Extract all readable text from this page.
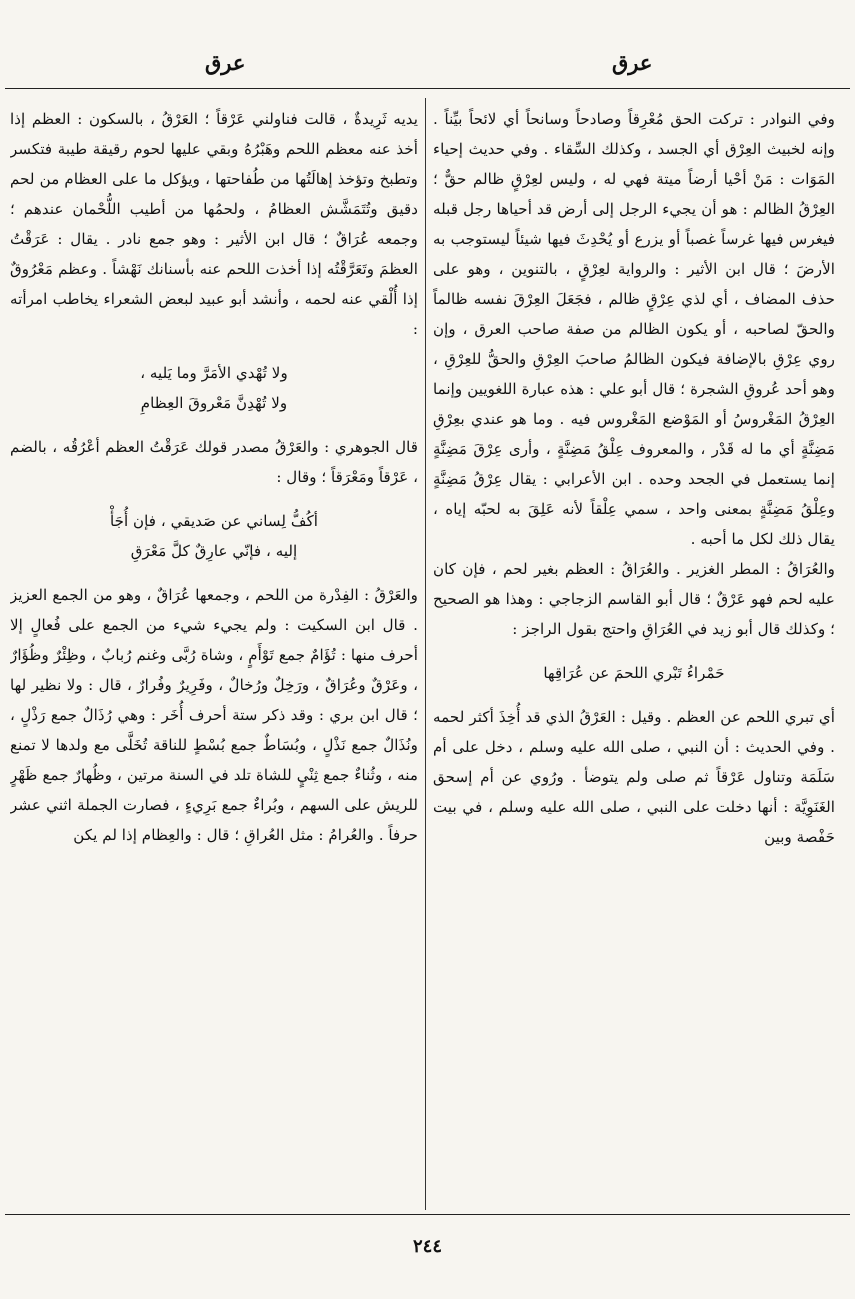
عرق	عرق

وفي النوادر : تركت الحق مُعْرِقاً وصادحاً وسانحاً أي لائحاً بيِّناً . وإنه لخبيث العِرْق أي الجسد ، وكذلك السِّقاء . وفي حديث إحياء المَوَات : مَنْ أحْيا أرضاً ميتة فهي له ، وليس لعِرْقٍ ظالم حقٌّ ؛ العِرْقُ الظالم : هو أن يجيء الرجل إلى أرض قد أحياها رجل قبله فيغرس فيها غرساً غصباً أو يزرع أو يُحْدِثَ فيها شيئاً ليستوجب به الأرضَ ؛ قال ابن الأثير : والرواية لعِرْقٍ ، بالتنوين ، وهو على حذف المضاف ، أي لذي عِرْقٍ ظالم ، فجَعَلَ العِرْقَ نفسه ظالماً والحقّ لصاحبه ، أو يكون الظالم من صفة صاحب العرق ، وإن روي عِرْقِ بالإضافة فيكون الظالمُ صاحبَ العِرْقِ والحقُّ للعِرْقِ ، وهو أحد عُروقِ الشجرة ؛ قال أبو علي : هذه عبارة اللغويين وإنما العِرْقُ المَغْروسُ أو المَوْضع المَغْروس فيه . وما هو عندي بعِرْقِ مَضِنَّةٍ أي ما له قَدْر ، والمعروف عِلْقُ مَضِنَّةٍ ، وأرى عِرْقَ مَضِنَّةٍ إنما يستعمل في الجحد وحده . ابن الأعرابي : يقال عِرْقُ مَضِنَّةٍ وعِلْقُ مَضِنَّةٍ بمعنى واحد ، سمي عِلْقاً لأنه عَلِقَ به لحبّه إياه ، يقال ذلك لكل ما أحبه .

والعُرَاقُ : المطر الغزير . والعُرَاقُ : العظم بغير لحم ، فإن كان عليه لحم فهو عَرْقٌ ؛ قال أبو القاسم الزجاجي : وهذا هو الصحيح ؛ وكذلك قال أبو زيد في العُرَاقِ واحتج بقول الراجز :

حَمْراءُ تَبْري اللحمَ عن عُرَاقِها

أي تبري اللحم عن العظم . وقيل : العَرْقُ الذي قد أُخِذَ أكثر لحمه . وفي الحديث : أن النبي ، صلى الله عليه وسلم ، دخل على أم سَلَمَة وتناول عَرْقاً ثم صلى ولم يتوضأ . ورُوي عن أم إسحق الغَنَوِيَّة : أنها دخلت على النبي ، صلى الله عليه وسلم ، في بيت حَفْصة وبين

يديه ثَرِيدةٌ ، قالت فناولني عَرْقاً ؛ العَرْقُ ، بالسكون : العظم إذا أخذ عنه معظم اللحم وهَبْرُهُ وبقي عليها لحوم رقيقة طيبة فتكسر وتطبخ وتؤخذ إهالَتُها من طُفاحتها ، ويؤكل ما على العظام من لحم دقيق وتُتَمَشَّش العظامُ ، ولحمُها من أطيب اللُّحْمان عندهم ؛ وجمعه عُرَاقٌ ؛ قال ابن الأثير : وهو جمع نادر . يقال : عَرَقْتُ العظمَ وتَعَرَّقْتُه إذا أخذت اللحم عنه بأسنانك نَهْشاً . وعظم مَعْرُوقٌ إذا أُلْقي عنه لحمه ، وأنشد أبو عبيد لبعض الشعراء يخاطب امرأته :

ولا تُهْدي الأمَرَّ وما يَليه ،
ولا تُهْدِنَّ مَعْروقَ العِظامِ

قال الجوهري : والعَرْقُ مصدر قولك عَرَقْتُ العظم أعْرُقُه ، بالضم ، عَرْقاً ومَعْرَقاً ؛ وقال :

أكُفُّ لِساني عن صَديقي ، فإن أُجَأْ
إليه ، فإنّي عارِقٌ كلَّ مَعْرَقِ

والعَرْقُ : الفِدْرة من اللحم ، وجمعها عُرَاقٌ ، وهو من الجمع العزيز . قال ابن السكيت : ولم يجيء شيء من الجمع على فُعالٍ إلا أحرف منها : تُؤَامٌ جمع تَوْأَمٍ ، وشاة رُبَّى وغنم رُبابٌ ، وظِئْرٌ وظُؤَارٌ ، وعَرْقٌ وعُرَاقٌ ، ورَخِلٌ ورُخالٌ ، وفَرِيرٌ وفُرارٌ ، قال : ولا نظير لها ؛ قال ابن بري : وقد ذكر ستة أحرف أُخَر : وهي رُذَالٌ جمع رَذْلٍ ، ونُذَالٌ جمع نَذْلٍ ، وبُسَاطٌ جمع بُسْطٍ للناقة تُخَلَّى مع ولدها لا تمنع منه ، وثُناءٌ جمع ثِنْيٍ للشاة تلد في السنة مرتين ، وظُهارٌ جمع ظَهْرٍ للريش على السهم ، وبُراءٌ جمع بَرِيءٍ ، فصارت الجملة اثني عشر حرفاً . والعُرامُ : مثل العُراقِ ؛ قال : والعِظام إذا لم يكن

٢٤٤
